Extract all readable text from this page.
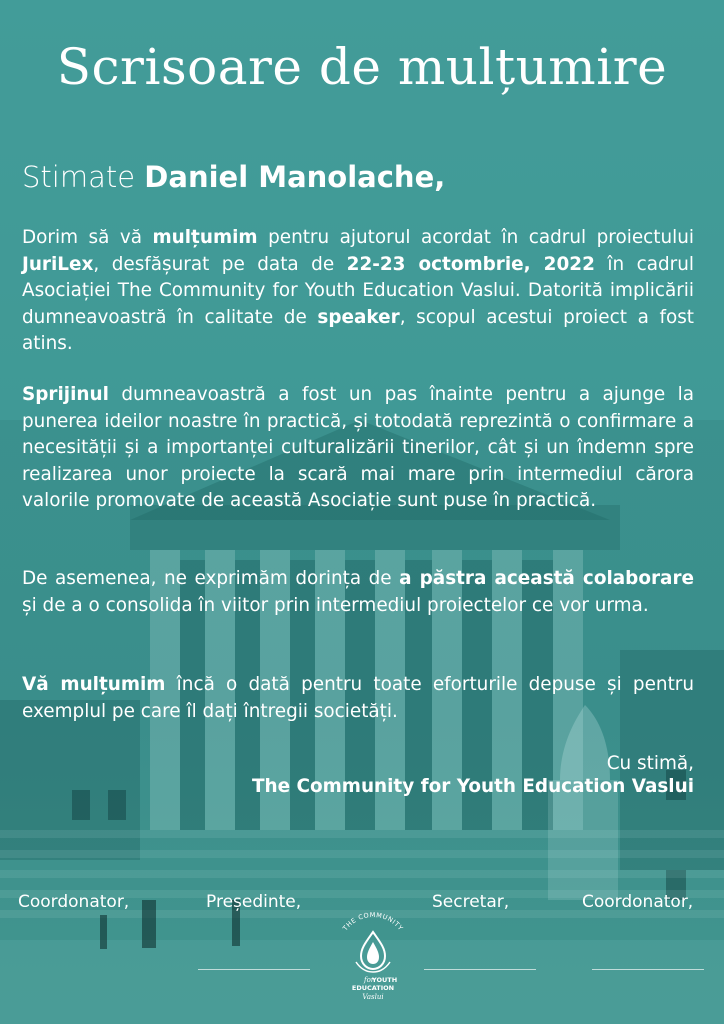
Scrisoare de mulțumire
Stimate Daniel Manolache,
Dorim să vă mulțumim pentru ajutorul acordat în cadrul proiectului JuriLex, desfășurat pe data de 22-23 octombrie, 2022 în cadrul Asociației The Community for Youth Education Vaslui. Datorită implicării dumneavoastră în calitate de speaker, scopul acestui proiect a fost atins.
Sprijinul dumneavoastră a fost un pas înainte pentru a ajunge la punerea ideilor noastre în practică, și totodată reprezintă o confirmare a necesității și a importanței culturalizării tinerilor, cât și un îndemn spre realizarea unor proiecte la scară mai mare prin intermediul cărora valorile promovate de această Asociație sunt puse în practică.
De asemenea, ne exprimăm dorința de a păstra această colaborare și de a o consolida în viitor prin intermediul proiectelor ce vor urma.
Vă mulțumim încă o dată pentru toate eforturile depuse și pentru exemplul pe care îl dați întregii societăți.
Cu stimă,
The Community for Youth Education Vaslui
Coordonator,	Președinte,	Secretar,	Coordonator,
THE COMMUNITY
for
YOUTH
EDUCATION
Vaslui
